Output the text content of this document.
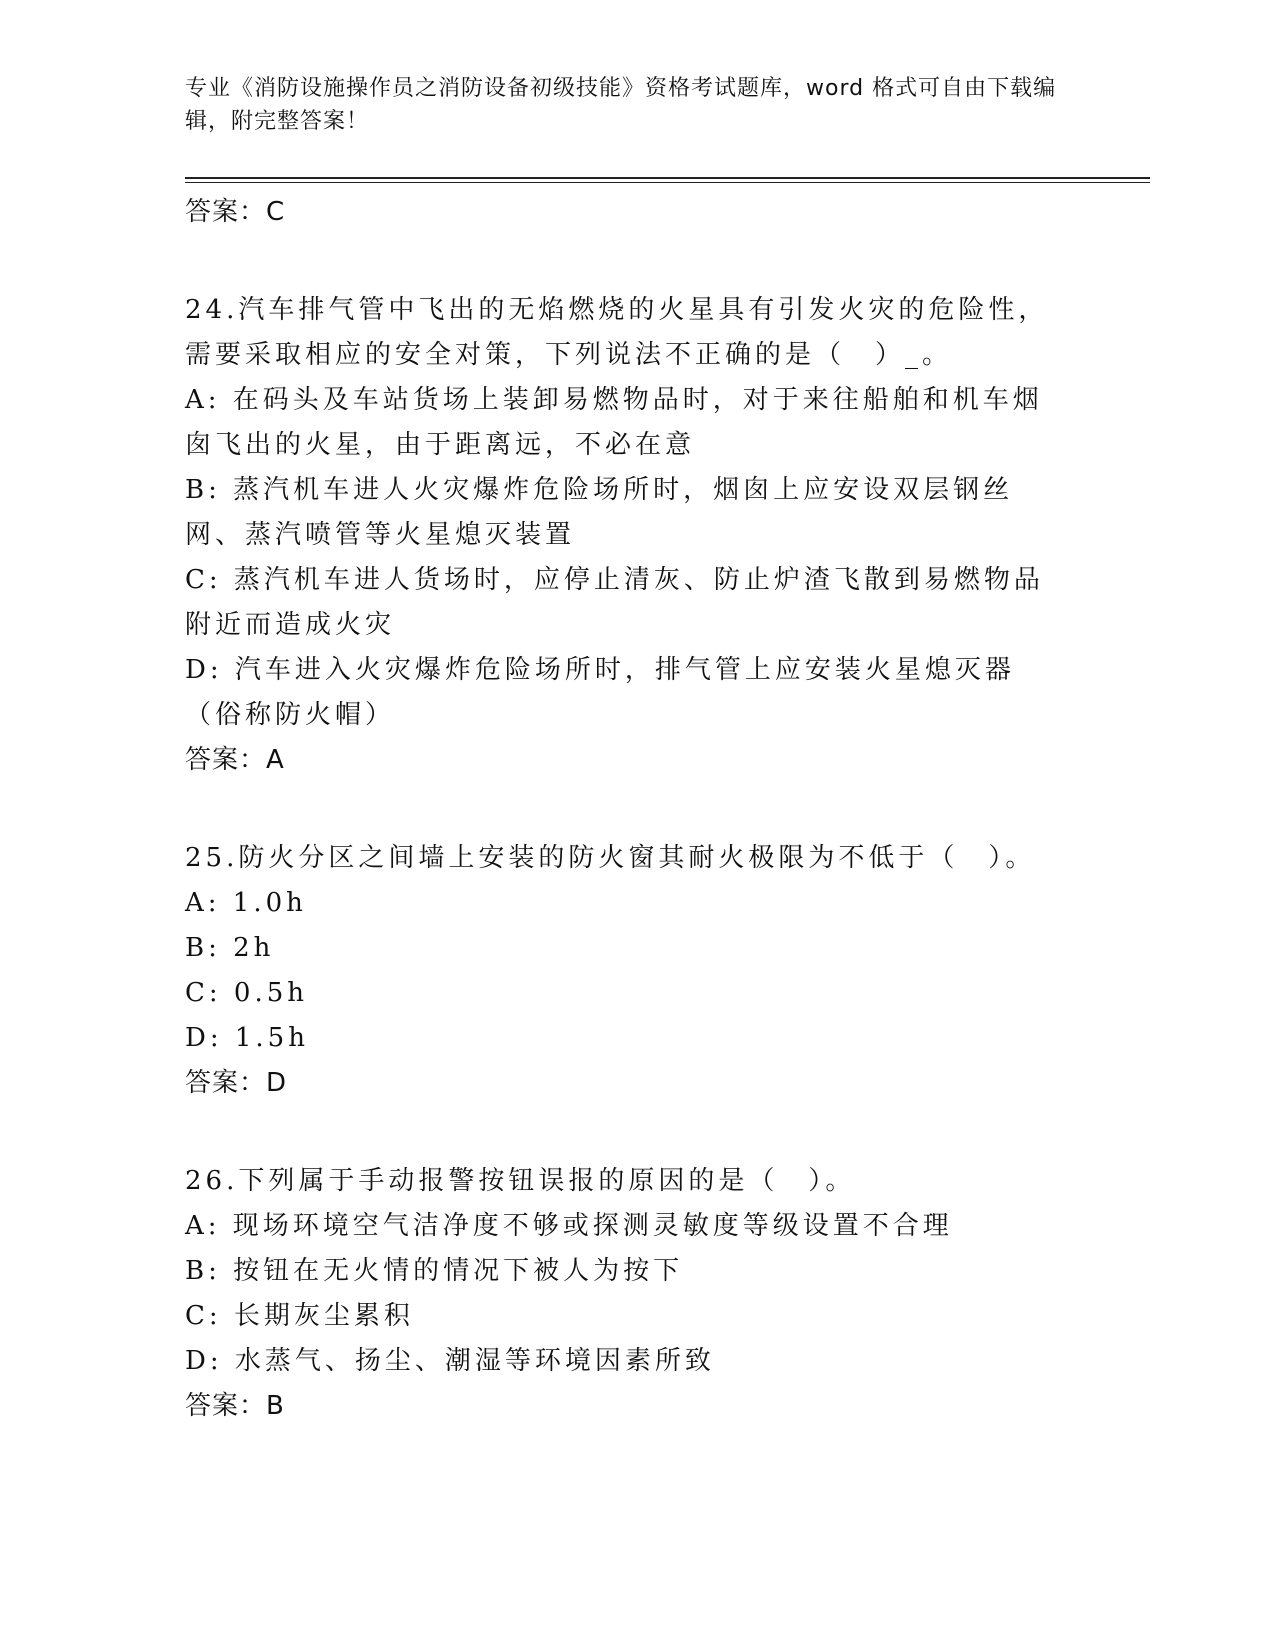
专业《消防设施操作员之消防设备初级技能》资格考试题库，word 格式可自由下载编辑，附完整答案！

答案：C

24.汽车排气管中飞出的无焰燃烧的火星具有引发火灾的危险性，需要采取相应的安全对策，下列说法不正确的是（　）_。

A: 在码头及车站货场上装卸易燃物品时，对于来往船舶和机车烟囱飞出的火星，由于距离远，不必在意

B: 蒸汽机车进人火灾爆炸危险场所时，烟囱上应安设双层钢丝网、蒸汽喷管等火星熄灭装置

C: 蒸汽机车进人货场时，应停止清灰、防止炉渣飞散到易燃物品附近而造成火灾

D: 汽车进入火灾爆炸危险场所时，排气管上应安装火星熄灭器（俗称防火帽）

答案：A

25.防火分区之间墙上安装的防火窗其耐火极限为不低于（　）。

A: 1.0h

B: 2h

C: 0.5h

D: 1.5h

答案：D

26.下列属于手动报警按钮误报的原因的是（　）。

A: 现场环境空气洁净度不够或探测灵敏度等级设置不合理

B: 按钮在无火情的情况下被人为按下

C: 长期灰尘累积

D: 水蒸气、扬尘、潮湿等环境因素所致

答案：B
